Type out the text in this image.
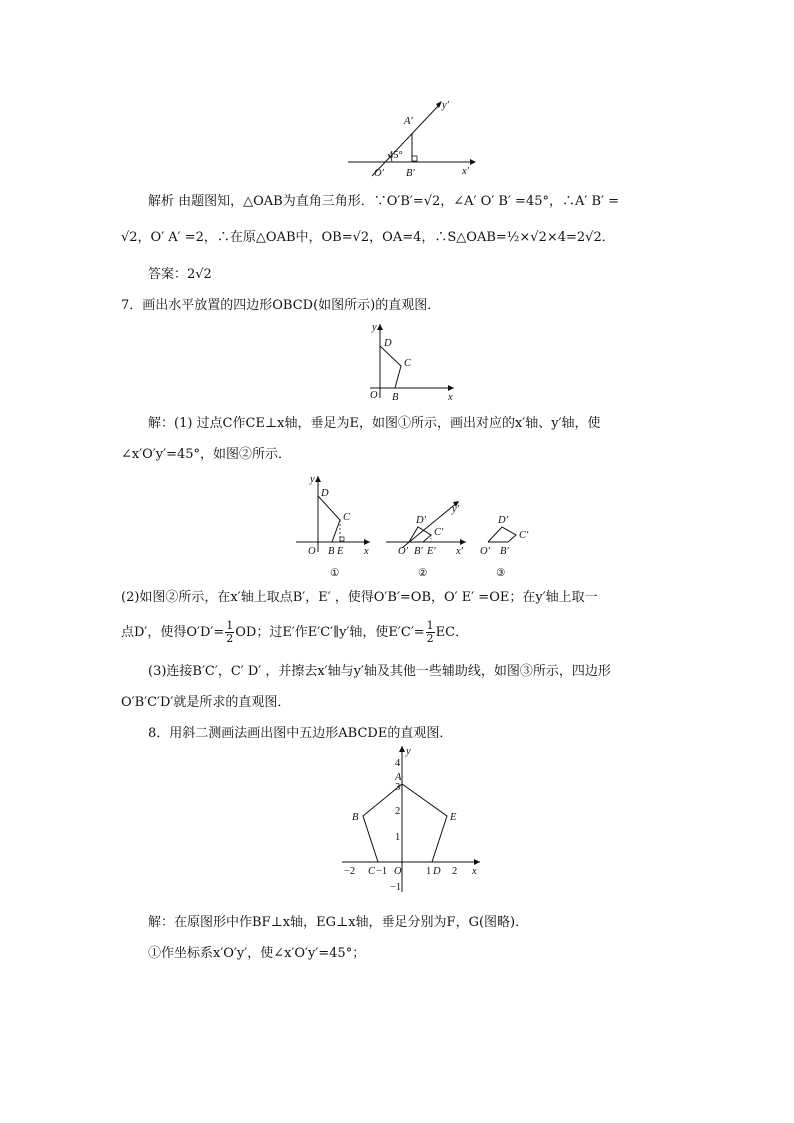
y′
A′
45°
O′ B′	x′
解析 由题图知，△OAB为直角三角形．∵O′B′=√2，∠A′ O′ B′ =45°，∴A′ B′ =
√2，O′ A′ =2，∴在原△OAB中，OB=√2，OA=4，∴S△OAB=½×√2×4=2√2．
答案：2√2
7．画出水平放置的四边形OBCD(如图所示)的直观图．
y
D
C
O B	x
解：(1) 过点C作CE⊥x轴，垂足为E，如图①所示，画出对应的x′轴、y′轴，使
∠x′O′y′=45°，如图②所示．
y
D
C
O B E x
①
y′
D′
C′
O′ B′ E′ x′
②
D′
C′
O′ B′
③
(2)如图②所示，在x′轴上取点B′，E′ ，使得O′B′=OB，O′ E′ =OE；在y′轴上取一
点D′，使得$O'D'= \frac{1}{2}$ OD；过E′作E′C′∥y′轴，使$E'C'= \frac{1}{2}$ EC．
(3)连接B′C′，C′ D′ ，并擦去x′轴与y′轴及其他一些辅助线，如图③所示，四边形
O′B′C′D′就是所求的直观图．
8．用斜二测画法画出图中五边形ABCDE的直观图．
y
4
A
3
2
1
B	E
−2 C −1 O 1 D 2 x
−1
解：在原图形中作BF⊥x轴，EG⊥x轴，垂足分别为F，G(图略)．
①作坐标系x′O′y′，使∠x′O′y′=45°；
